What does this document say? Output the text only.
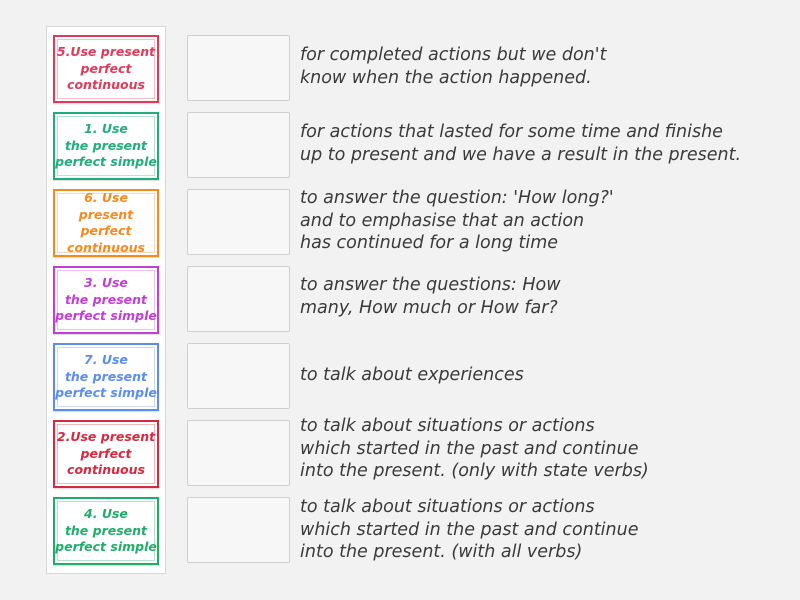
5.Use present
perfect
continuous
1. Use
the present
perfect simple
6. Use present
perfect
continuous
3. Use
the present
perfect simple
7. Use
the present
perfect simple
2.Use present
perfect
continuous
4. Use
the present
perfect simple
for completed actions but we don't
know when the action happened.
for actions that lasted for some time and finishe
up to present and we have a result in the present.
to answer the question: 'How long?'
and to emphasise that an action
has continued for a long time
to answer the questions: How
many, How much or How far?
to talk about experiences
to talk about situations or actions
which started in the past and continue
into the present. (only with state verbs)
to talk about situations or actions
which started in the past and continue
into the present. (with all verbs)
